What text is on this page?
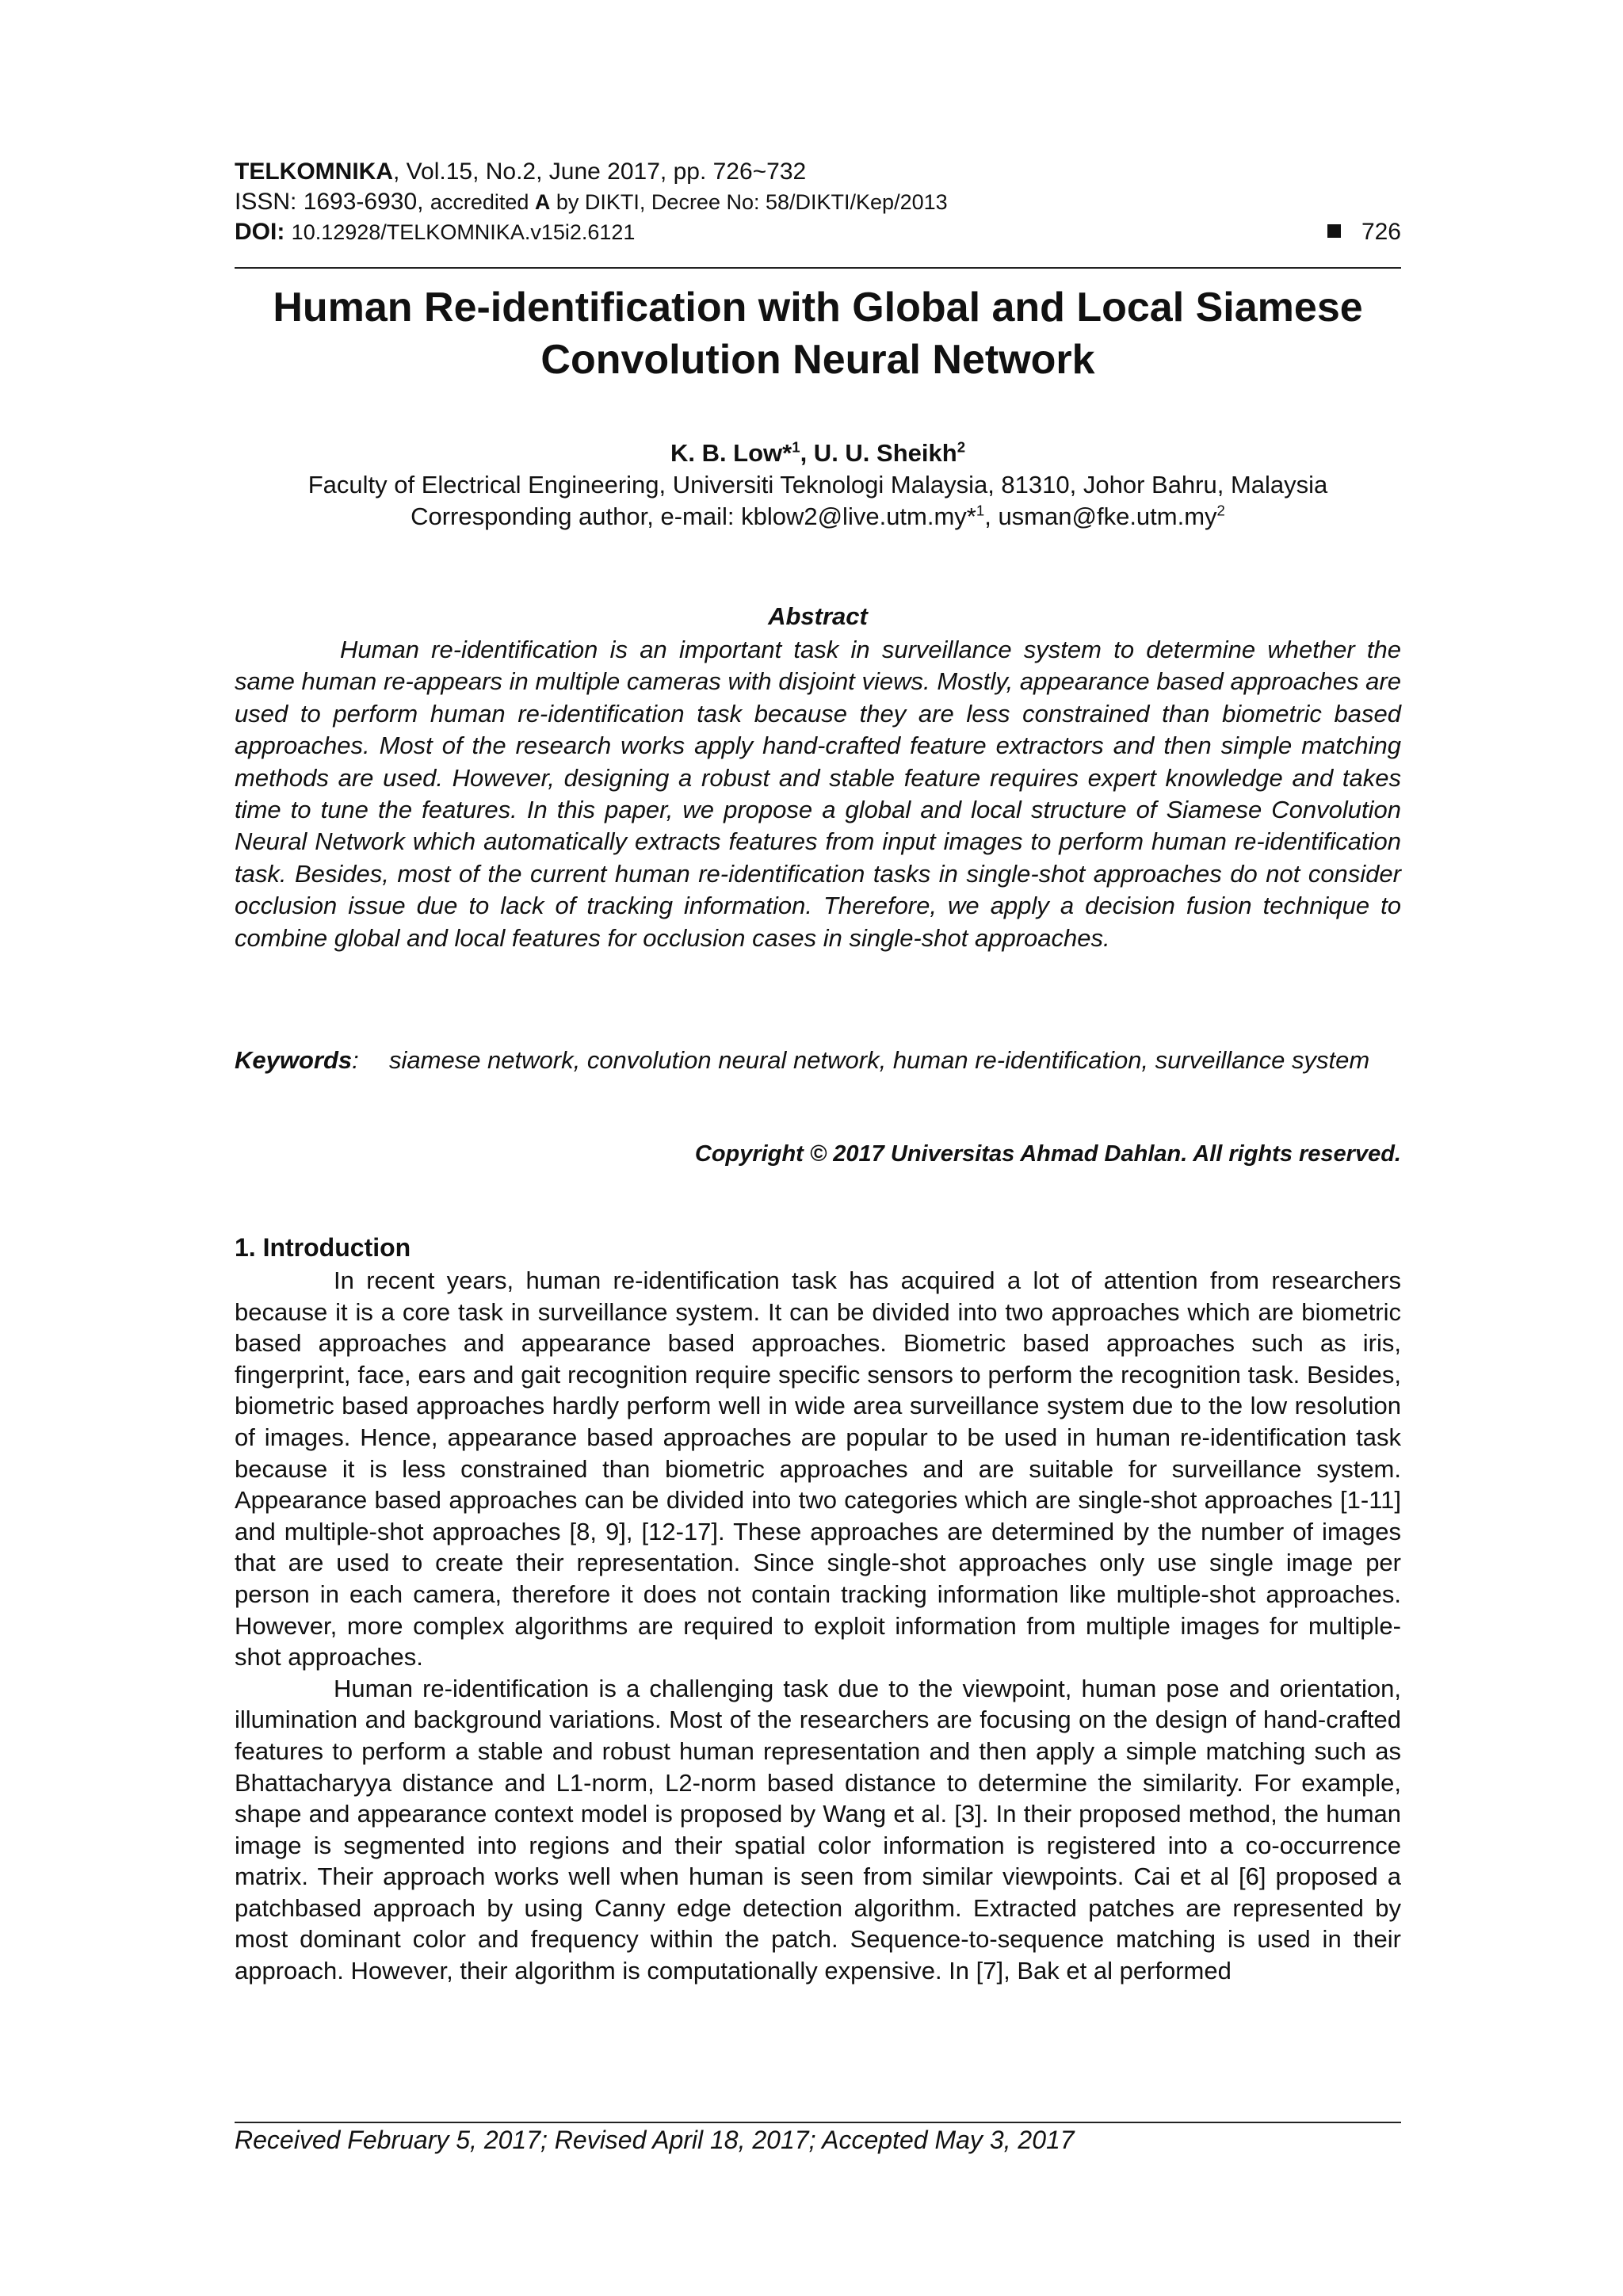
TELKOMNIKA, Vol.15, No.2, June 2017, pp. 726~732
ISSN: 1693-6930, accredited A by DIKTI, Decree No: 58/DIKTI/Kep/2013
DOI: 10.12928/TELKOMNIKA.v15i2.6121	726
Human Re-identification with Global and Local Siamese
Convolution Neural Network
K. B. Low*$^1$, U. U. Sheikh$^2$
Faculty of Electrical Engineering, Universiti Teknologi Malaysia, 81310, Johor Bahru, Malaysia
Corresponding author, e-mail: kblow2@live.utm.my*$^1$, $usman@fke.utm.my^2$
Abstract
Human re-identification is an important task in surveillance system to determine whether the same human re-appears in multiple cameras with disjoint views. Mostly, appearance based approaches are used to perform human re-identification task because they are less constrained than biometric based approaches. Most of the research works apply hand-crafted feature extractors and then simple matching methods are used. However, designing a robust and stable feature requires expert knowledge and takes time to tune the features. In this paper, we propose a global and local structure of Siamese Convolution Neural Network which automatically extracts features from input images to perform human re-identification task. Besides, most of the current human re-identification tasks in single-shot approaches do not consider occlusion issue due to lack of tracking information. Therefore, we apply a decision fusion technique to combine global and local features for occlusion cases in single-shot approaches.
Keywords: siamese network, convolution neural network, human re-identification, surveillance system
Copyright © 2017 Universitas Ahmad Dahlan. All rights reserved.
1. Introduction

In recent years, human re-identification task has acquired a lot of attention from researchers because it is a core task in surveillance system. It can be divided into two approaches which are biometric based approaches and appearance based approaches. Biometric based approaches such as iris, fingerprint, face, ears and gait recognition require specific sensors to perform the recognition task. Besides, biometric based approaches hardly perform well in wide area surveillance system due to the low resolution of images. Hence, appearance based approaches are popular to be used in human re-identification task because it is less constrained than biometric approaches and are suitable for surveillance system. Appearance based approaches can be divided into two categories which are single-shot approaches [1-11] and multiple-shot approaches [8, 9], [12-17]. These approaches are determined by the number of images that are used to create their representation. Since single-shot approaches only use single image per person in each camera, therefore it does not contain tracking information like multiple-shot approaches. However, more complex algorithms are required to exploit information from multiple images for multiple-shot approaches.

Human re-identification is a challenging task due to the viewpoint, human pose and orientation, illumination and background variations. Most of the researchers are focusing on the design of hand-crafted features to perform a stable and robust human representation and then apply a simple matching such as Bhattacharyya distance and L1-norm, L2-norm based distance to determine the similarity. For example, shape and appearance context model is proposed by Wang et al. [3]. In their proposed method, the human image is segmented into regions and their spatial color information is registered into a co-occurrence matrix. Their approach works well when human is seen from similar viewpoints. Cai et al [6] proposed a patchbased approach by using Canny edge detection algorithm. Extracted patches are represented by most dominant color and frequency within the patch. Sequence-to-sequence matching is used in their approach. However, their algorithm is computationally expensive. In [7], Bak et al performed

Received February 5, 2017; Revised April 18, 2017; Accepted May 3, 2017
